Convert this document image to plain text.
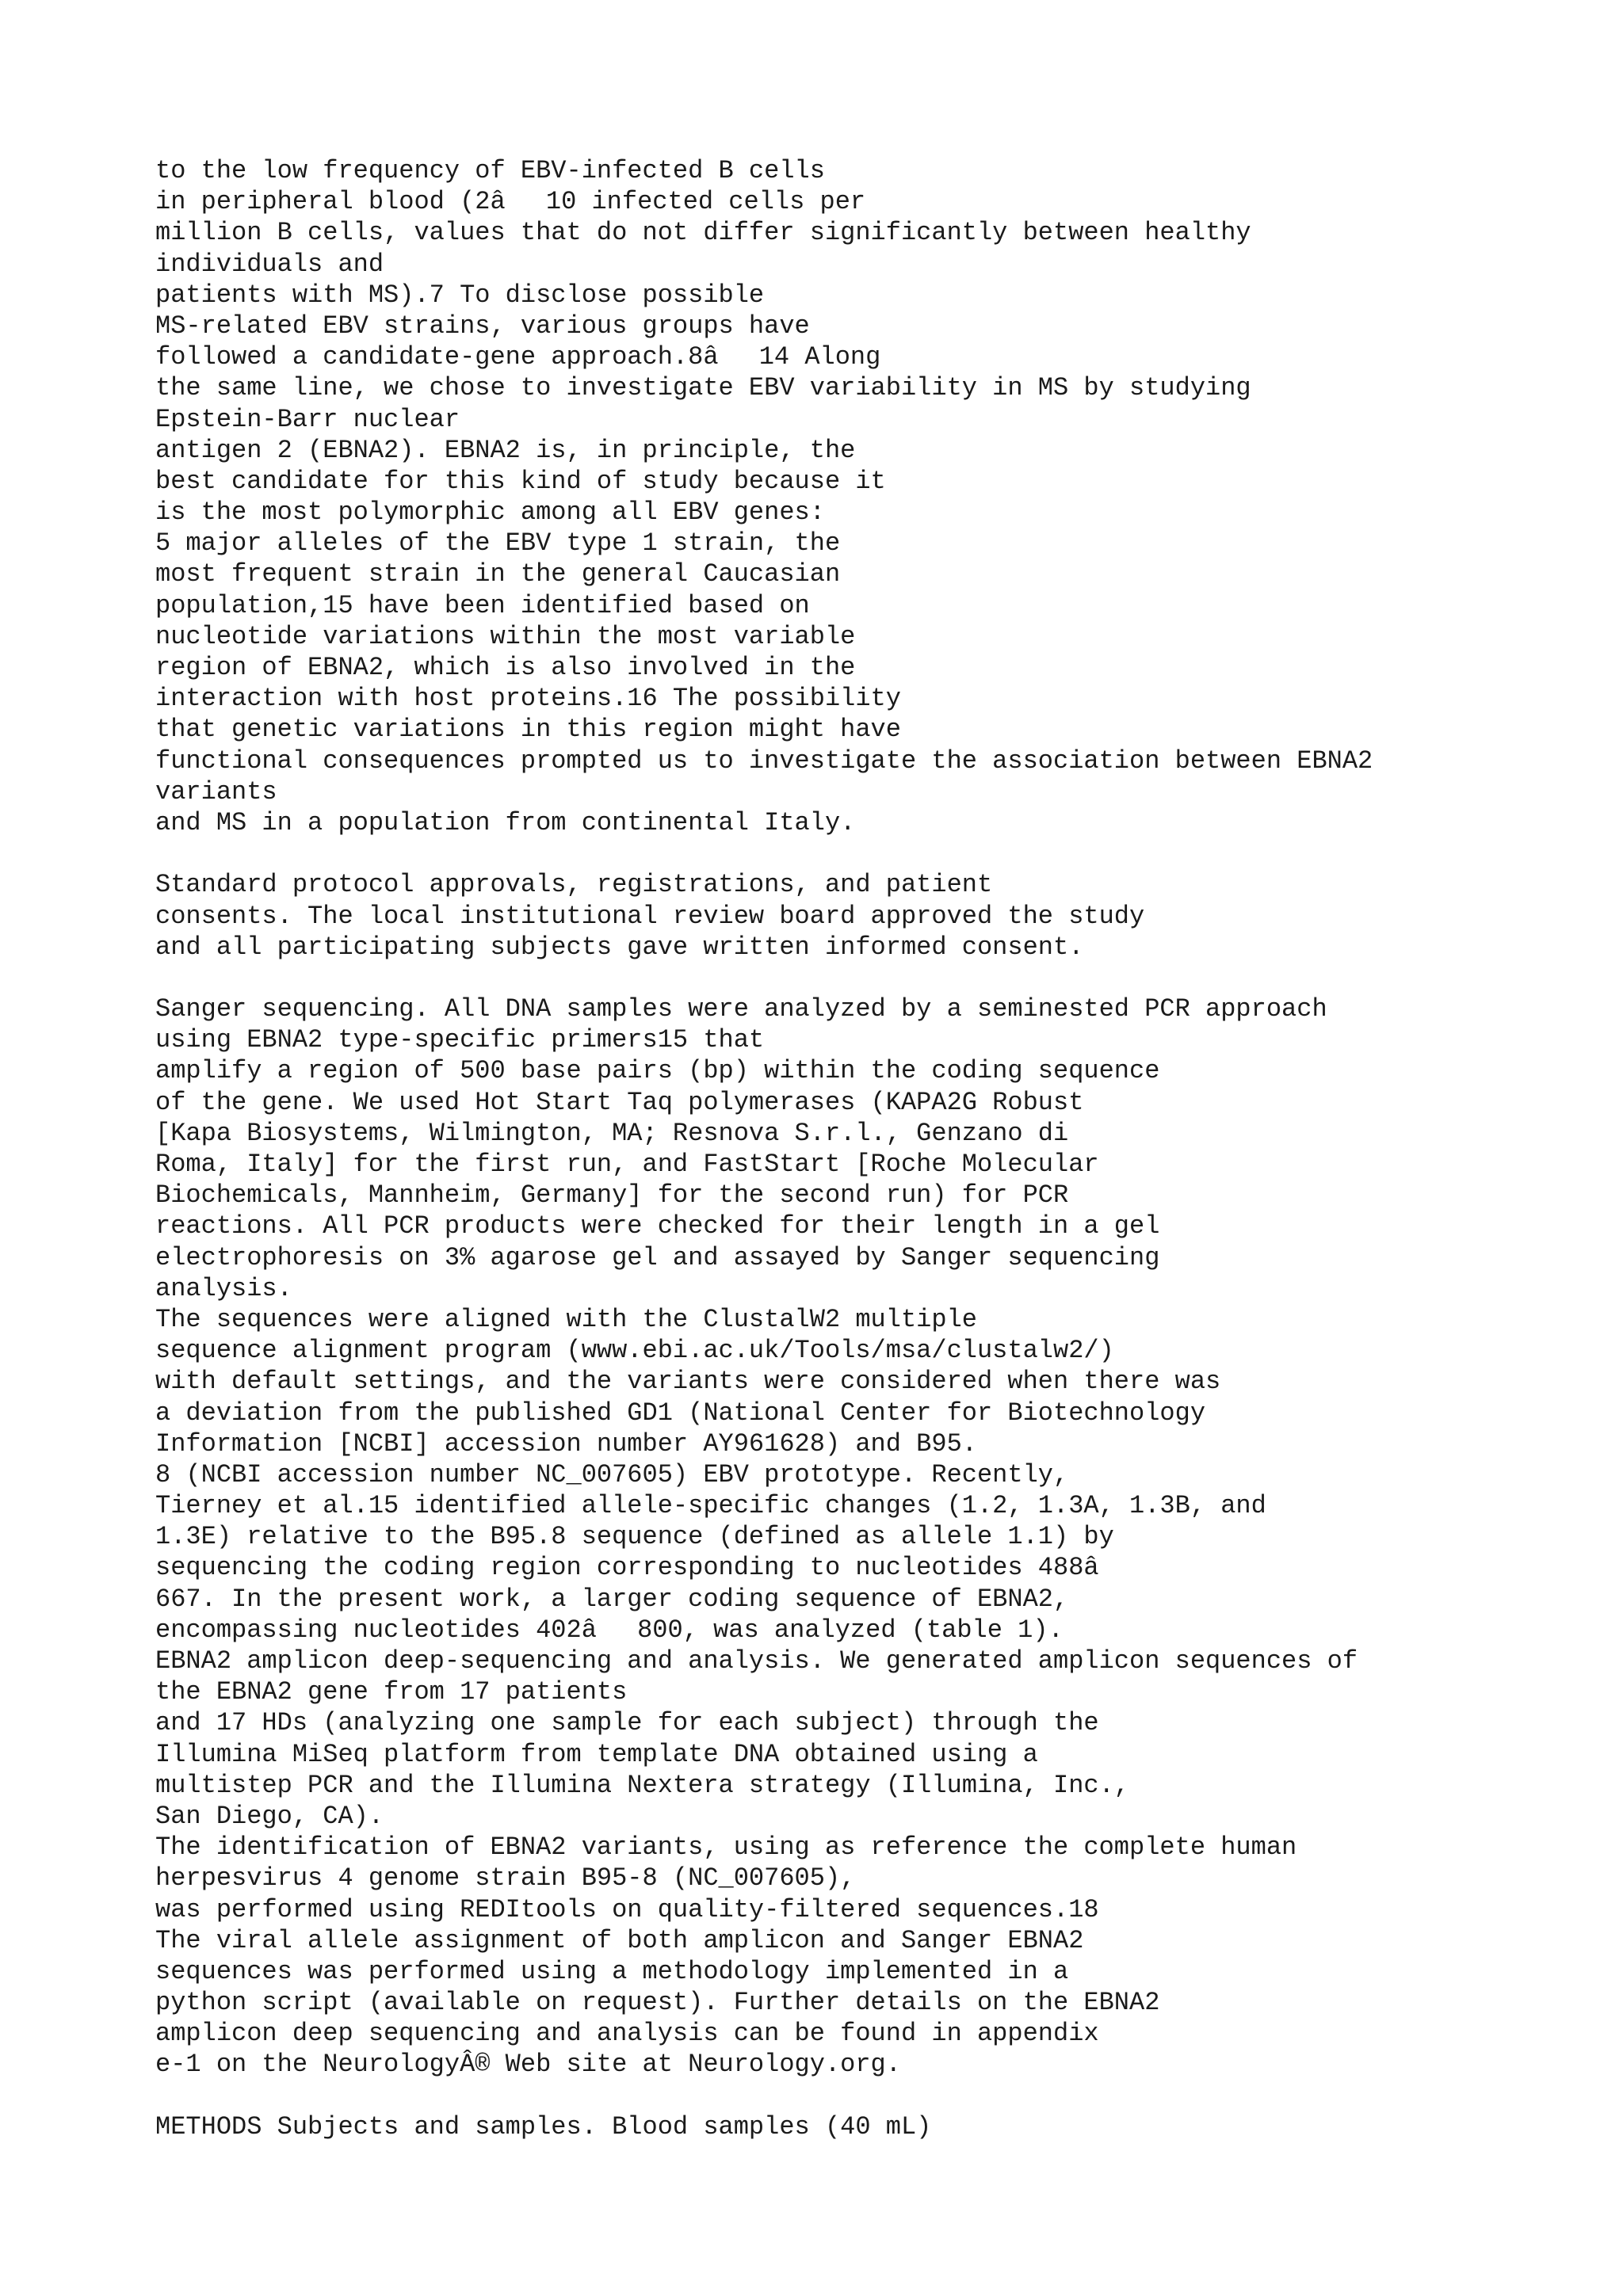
to the low frequency of EBV-infected B cells
in peripheral blood (2â10 infected cells per
million B cells, values that do not differ significantly between healthy
individuals and
patients with MS).7 To disclose possible
MS-related EBV strains, various groups have
followed a candidate-gene approach.8â14 Along
the same line, we chose to investigate EBV variability in MS by studying
Epstein-Barr nuclear
antigen 2 (EBNA2). EBNA2 is, in principle, the
best candidate for this kind of study because it
is the most polymorphic among all EBV genes:
5 major alleles of the EBV type 1 strain, the
most frequent strain in the general Caucasian
population,15 have been identified based on
nucleotide variations within the most variable
region of EBNA2, which is also involved in the
interaction with host proteins.16 The possibility
that genetic variations in this region might have
functional consequences prompted us to investigate the association between EBNA2
variants
and MS in a population from continental Italy.
Standard protocol approvals, registrations, and patient
consents. The local institutional review board approved the study
and all participating subjects gave written informed consent.
Sanger sequencing. All DNA samples were analyzed by a seminested PCR approach
using EBNA2 type-specific primers15 that
amplify a region of 500 base pairs (bp) within the coding sequence
of the gene. We used Hot Start Taq polymerases (KAPA2G Robust
[Kapa Biosystems, Wilmington, MA; Resnova S.r.l., Genzano di
Roma, Italy] for the first run, and FastStart [Roche Molecular
Biochemicals, Mannheim, Germany] for the second run) for PCR
reactions. All PCR products were checked for their length in a gel
electrophoresis on 3% agarose gel and assayed by Sanger sequencing
analysis.
The sequences were aligned with the ClustalW2 multiple
sequence alignment program (www.ebi.ac.uk/Tools/msa/clustalw2/)
with default settings, and the variants were considered when there was
a deviation from the published GD1 (National Center for Biotechnology
Information [NCBI] accession number AY961628) and B95.
8 (NCBI accession number NC_007605) EBV prototype. Recently,
Tierney et al.15 identified allele-specific changes (1.2, 1.3A, 1.3B, and
1.3E) relative to the B95.8 sequence (defined as allele 1.1) by
sequencing the coding region corresponding to nucleotides 488â
667. In the present work, a larger coding sequence of EBNA2,
encompassing nucleotides 402â800, was analyzed (table 1).
EBNA2 amplicon deep-sequencing and analysis. We generated amplicon sequences of
the EBNA2 gene from 17 patients
and 17 HDs (analyzing one sample for each subject) through the
Illumina MiSeq platform from template DNA obtained using a
multistep PCR and the Illumina Nextera strategy (Illumina, Inc.,
San Diego, CA).
The identification of EBNA2 variants, using as reference the complete human
herpesvirus 4 genome strain B95-8 (NC_007605),
was performed using REDItools on quality-filtered sequences.18
The viral allele assignment of both amplicon and Sanger EBNA2
sequences was performed using a methodology implemented in a
python script (available on request). Further details on the EBNA2
amplicon deep sequencing and analysis can be found in appendix
e-1 on the NeurologyÂ® Web site at Neurology.org.
METHODS Subjects and samples. Blood samples (40 mL)
